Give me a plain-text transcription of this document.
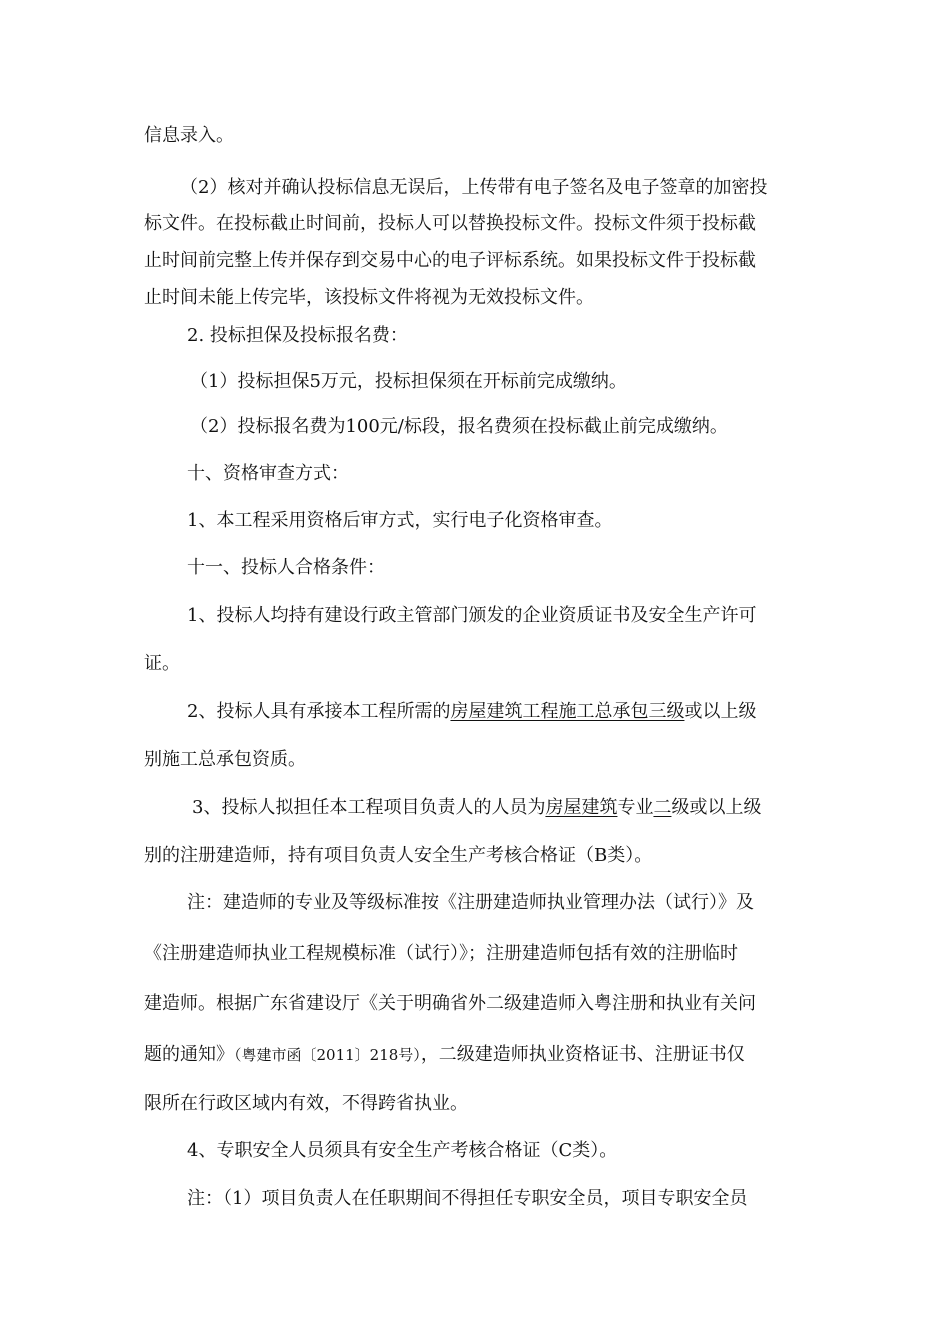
信息录入。
（2）核对并确认投标信息无误后，上传带有电子签名及电子签章的加密投
标文件。在投标截止时间前，投标人可以替换投标文件。投标文件须于投标截
止时间前完整上传并保存到交易中心的电子评标系统。如果投标文件于投标截
止时间未能上传完毕，该投标文件将视为无效投标文件。
2. 投标担保及投标报名费：
（1）投标担保5万元，投标担保须在开标前完成缴纳。
（2）投标报名费为100元/标段，报名费须在投标截止前完成缴纳。
十、资格审查方式：
1、本工程采用资格后审方式，实行电子化资格审查。
十一、投标人合格条件：
1、投标人均持有建设行政主管部门颁发的企业资质证书及安全生产许可
证。
2、投标人具有承接本工程所需的房屋建筑工程施工总承包三级或以上级
别施工总承包资质。
3、投标人拟担任本工程项目负责人的人员为房屋建筑专业二级或以上级
别的注册建造师，持有项目负责人安全生产考核合格证（B类）。
注：建造师的专业及等级标准按《注册建造师执业管理办法（试行）》及
《注册建造师执业工程规模标准（试行）》；注册建造师包括有效的注册临时
建造师。根据广东省建设厅《关于明确省外二级建造师入粤注册和执业有关问
题的通知》（粤建市函〔2011〕218号），二级建造师执业资格证书、注册证书仅
限所在行政区域内有效，不得跨省执业。
4、专职安全人员须具有安全生产考核合格证（C类）。
注：（1）项目负责人在任职期间不得担任专职安全员，项目专职安全员
